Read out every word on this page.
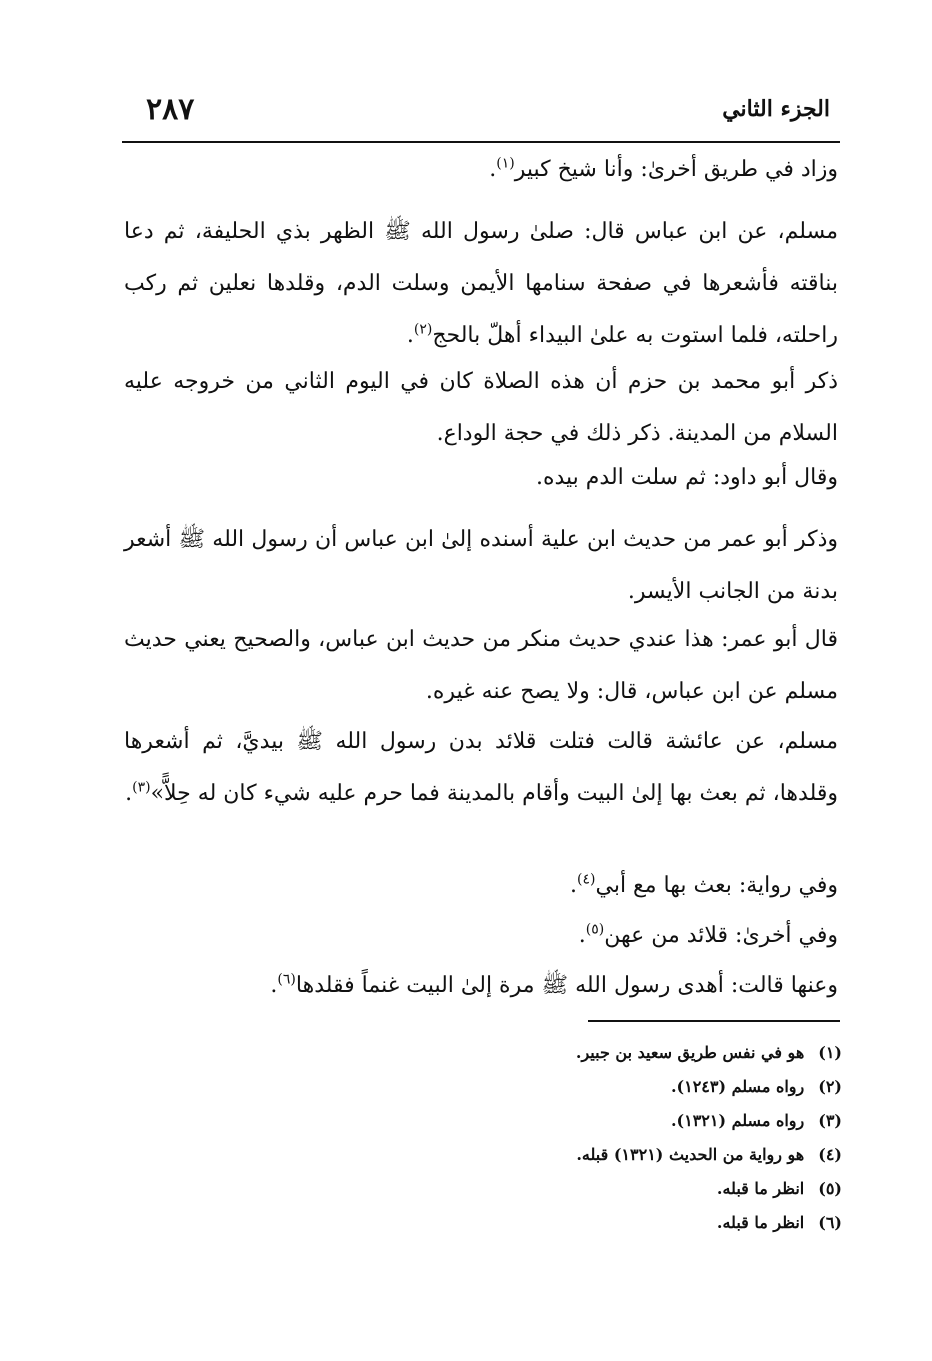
٢٨٧	الجزء الثاني
وزاد في طريق أخرىٰ: وأنا شيخ كبير$^{(١)}$.
مسلم، عن ابن عباس قال: صلىٰ رسول الله ﷺ الظهر بذي الحليفة، ثم دعا بناقته فأشعرها في صفحة سنامها الأيمن وسلت الدم، وقلدها نعلين ثم ركب راحلته، فلما استوت به علىٰ البيداء أهلّ بالحج$^{(٢)}$.
ذكر أبو محمد بن حزم أن هذه الصلاة كان في اليوم الثاني من خروجه عليه السلام من المدينة. ذكر ذلك في حجة الوداع.
وقال أبو داود: ثم سلت الدم بيده.
وذكر أبو عمر من حديث ابن علية أسنده إلىٰ ابن عباس أن رسول الله ﷺ أشعر بدنة من الجانب الأيسر.
قال أبو عمر: هذا عندي حديث منكر من حديث ابن عباس، والصحيح يعني حديث مسلم عن ابن عباس، قال: ولا يصح عنه غيره.
مسلم، عن عائشة قالت فتلت قلائد بدن رسول الله ﷺ بيديَّ، ثم أشعرها وقلدها، ثم بعث بها إلىٰ البيت وأقام بالمدينة فما حرم عليه شيء كان له حِلاًّ»$^{(٣)}$.
وفي رواية: بعث بها مع أبي$^{(٤)}$.
وفي أخرىٰ: قلائد من عهن$^{(٥)}$.
وعنها قالت: أهدى رسول الله ﷺ مرة إلىٰ البيت غنماً فقلدها$^{(٦)}$.
(١)هو في نفس طريق سعيد بن جبير.
(٢)رواه مسلم (١٢٤٣).
(٣)رواه مسلم (١٣٢١).
(٤)هو رواية من الحديث (١٣٢١) قبله.
(٥)انظر ما قبله.
(٦)انظر ما قبله.
